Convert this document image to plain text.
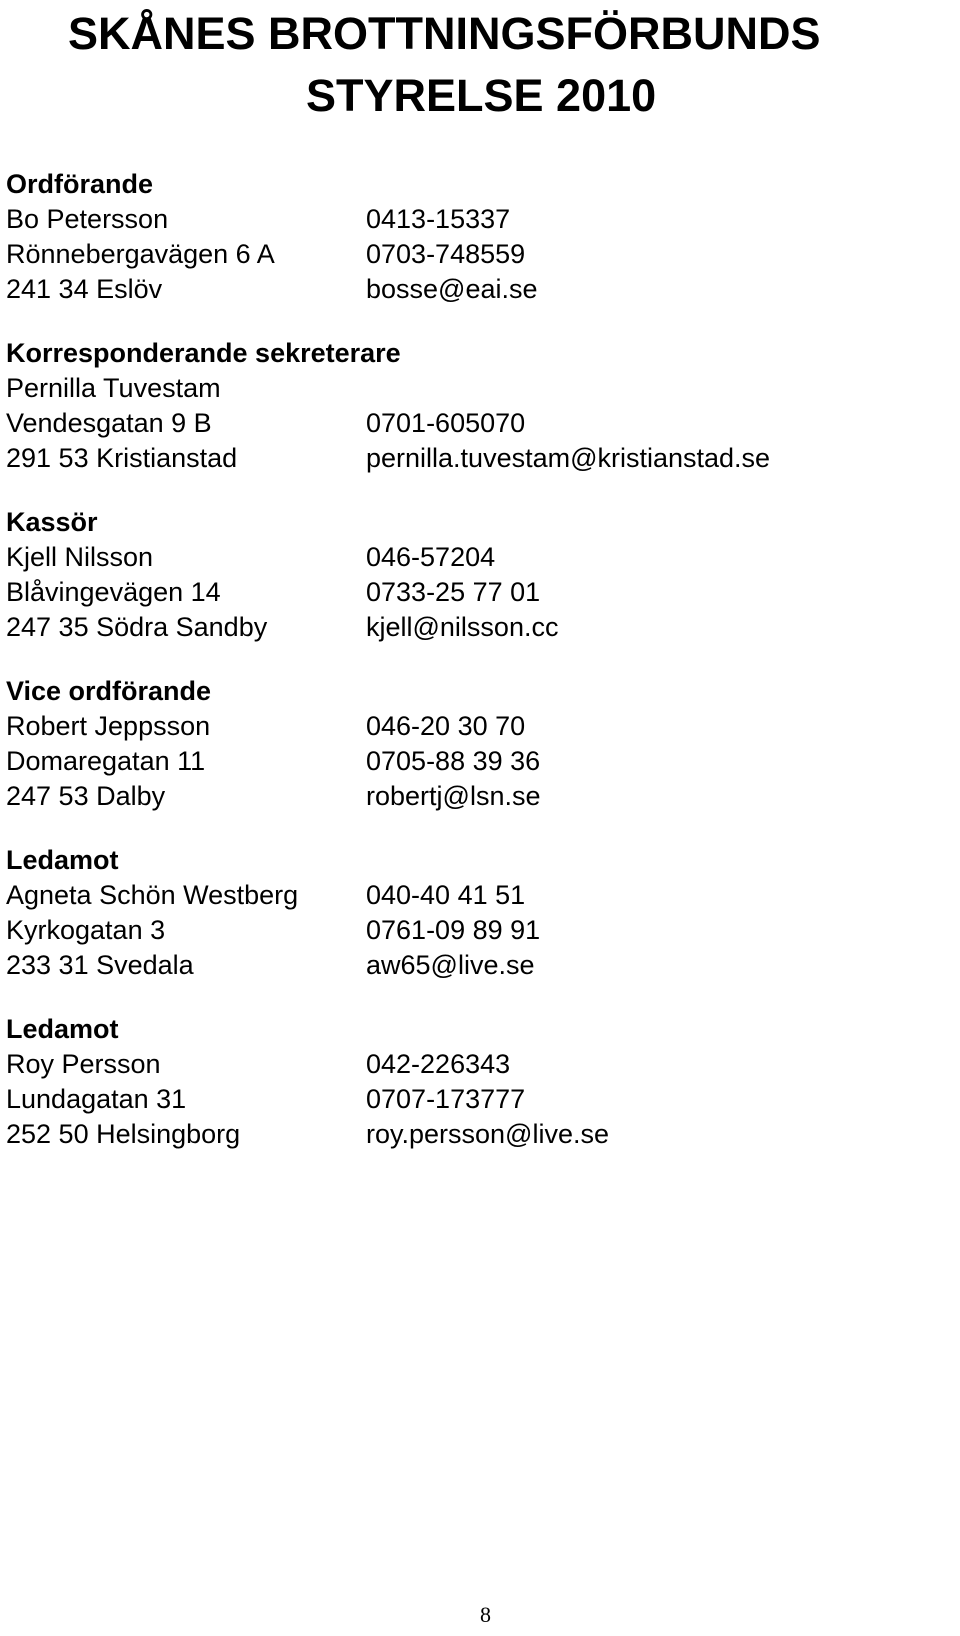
SKÅNES BROTTNINGSFÖRBUNDS
STYRELSE 2010
Ordförande
Bo Petersson	0413-15337
Rönnebergavägen 6 A	0703-748559
241 34 Eslöv	bosse@eai.se
Korresponderande sekreterare
Pernilla Tuvestam
Vendesgatan 9 B	0701-605070
291 53 Kristianstad	pernilla.tuvestam@kristianstad.se
Kassör
Kjell Nilsson	046-57204
Blåvingevägen 14	0733-25 77 01
247 35 Södra Sandby	kjell@nilsson.cc
Vice ordförande
Robert Jeppsson	046-20 30 70
Domaregatan 11	0705-88 39 36
247 53 Dalby	robertj@lsn.se
Ledamot
Agneta Schön Westberg	040-40 41 51
Kyrkogatan 3	0761-09 89 91
233 31 Svedala	aw65@live.se
Ledamot
Roy Persson	042-226343
Lundagatan 31	0707-173777
252 50 Helsingborg	roy.persson@live.se
8
